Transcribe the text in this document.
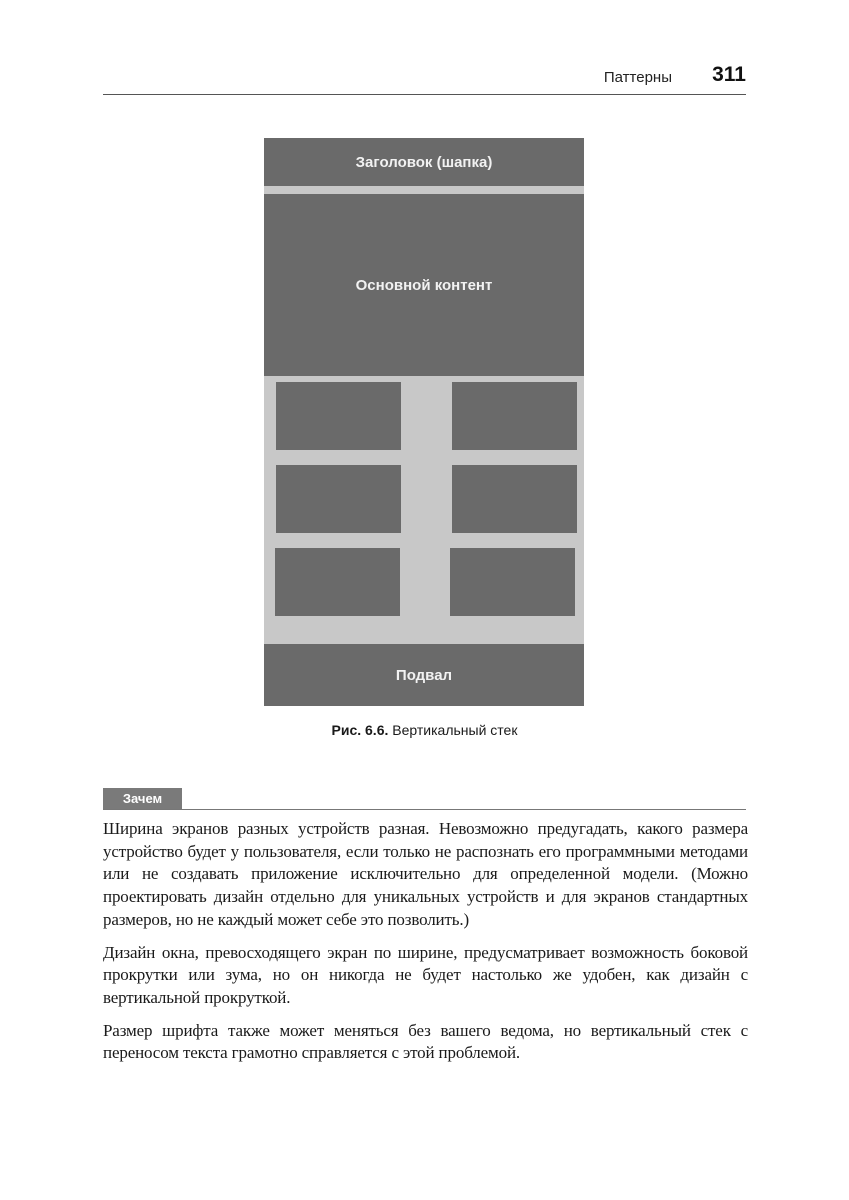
Паттерны 311
Заголовок (шапка)
Основной контент
Подвал
Рис. 6.6. Вертикальный стек
Зачем

Ширина экранов разных устройств разная. Невозможно предугадать, какого размера устройство будет у пользователя, если только не распознать его программными методами или не создавать приложение исключительно для определенной модели. (Можно проектировать дизайн отдельно для уникальных устройств и для экранов стандартных размеров, но не каждый может себе это позволить.)

Дизайн окна, превосходящего экран по ширине, предусматривает возможность боковой прокрутки или зума, но он никогда не будет настолько же удобен, как дизайн с вертикальной прокруткой.

Размер шрифта также может меняться без вашего ведома, но вертикальный стек с переносом текста грамотно справляется с этой проблемой.
